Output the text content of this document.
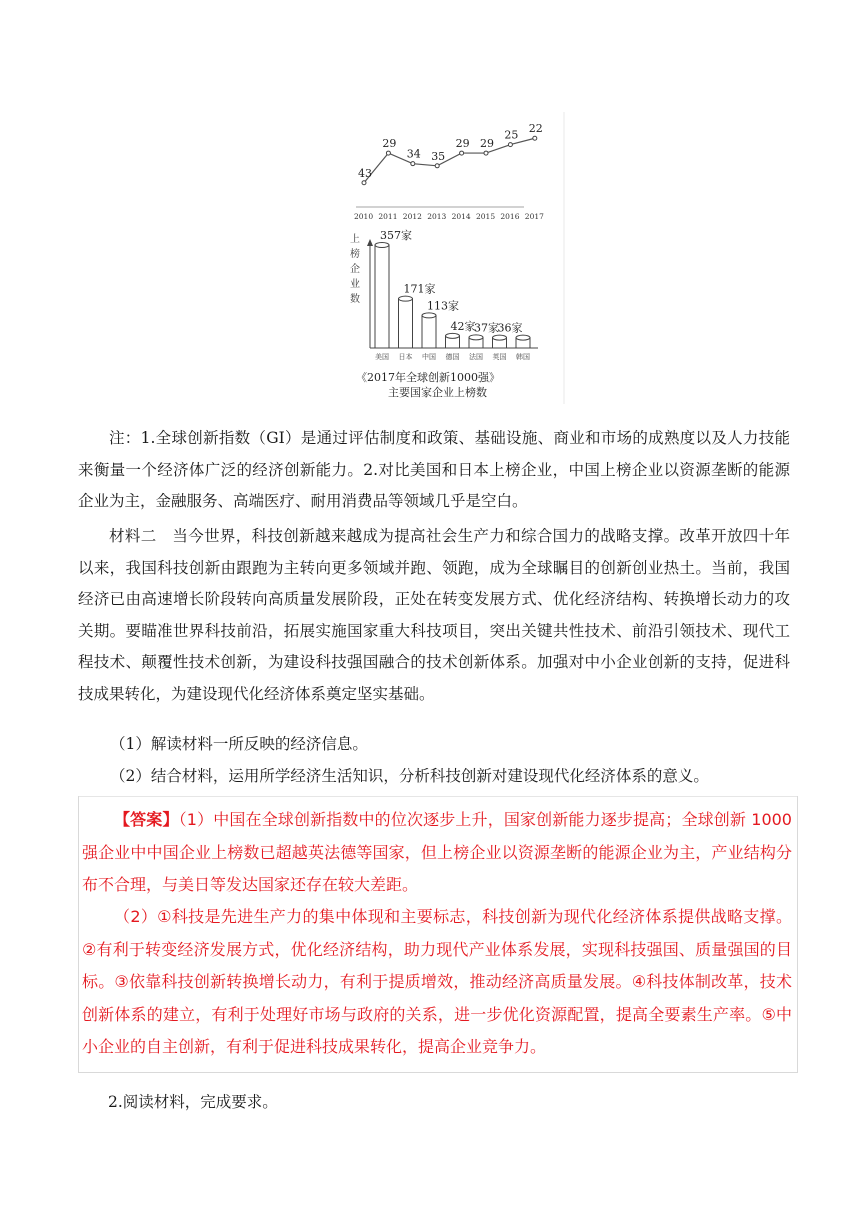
43
29
34 35
29 29
25 22
2010 2011 2012 2013 2014 2015 2016 2017
357家
美国
171家
日本
113家
中国
42家
德国
37家
法国
36家
英国 韩国
上
榜
企
业
数
《2017年全球创新1000强》
主要国家企业上榜数

注：1.全球创新指数（GI）是通过评估制度和政策、基础设施、商业和市场的成熟度以及人力技能来衡量一个经济体广泛的经济创新能力。2.对比美国和日本上榜企业，中国上榜企业以资源垄断的能源企业为主，金融服务、高端医疗、耐用消费品等领域几乎是空白。

材料二　当今世界，科技创新越来越成为提高社会生产力和综合国力的战略支撑。改革开放四十年以来，我国科技创新由跟跑为主转向更多领域并跑、领跑，成为全球瞩目的创新创业热土。当前，我国经济已由高速增长阶段转向高质量发展阶段，正处在转变发展方式、优化经济结构、转换增长动力的攻关期。要瞄准世界科技前沿，拓展实施国家重大科技项目，突出关键共性技术、前沿引领技术、现代工程技术、颠覆性技术创新，为建设科技强国融合的技术创新体系。加强对中小企业创新的支持，促进科技成果转化，为建设现代化经济体系奠定坚实基础。

（1）解读材料一所反映的经济信息。

（2）结合材料，运用所学经济生活知识，分析科技创新对建设现代化经济体系的意义。

【答案】（1）中国在全球创新指数中的位次逐步上升，国家创新能力逐步提高；全球创新 1000 强企业中中国企业上榜数已超越英法德等国家，但上榜企业以资源垄断的能源企业为主，产业结构分布不合理，与美日等发达国家还存在较大差距。

（2）①科技是先进生产力的集中体现和主要标志，科技创新为现代化经济体系提供战略支撑。②有利于转变经济发展方式，优化经济结构，助力现代产业体系发展，实现科技强国、质量强国的目标。③依靠科技创新转换增长动力，有利于提质增效，推动经济高质量发展。④科技体制改革，技术创新体系的建立，有利于处理好市场与政府的关系，进一步优化资源配置，提高全要素生产率。⑤中小企业的自主创新，有利于促进科技成果转化，提高企业竞争力。

2.阅读材料，完成要求。
